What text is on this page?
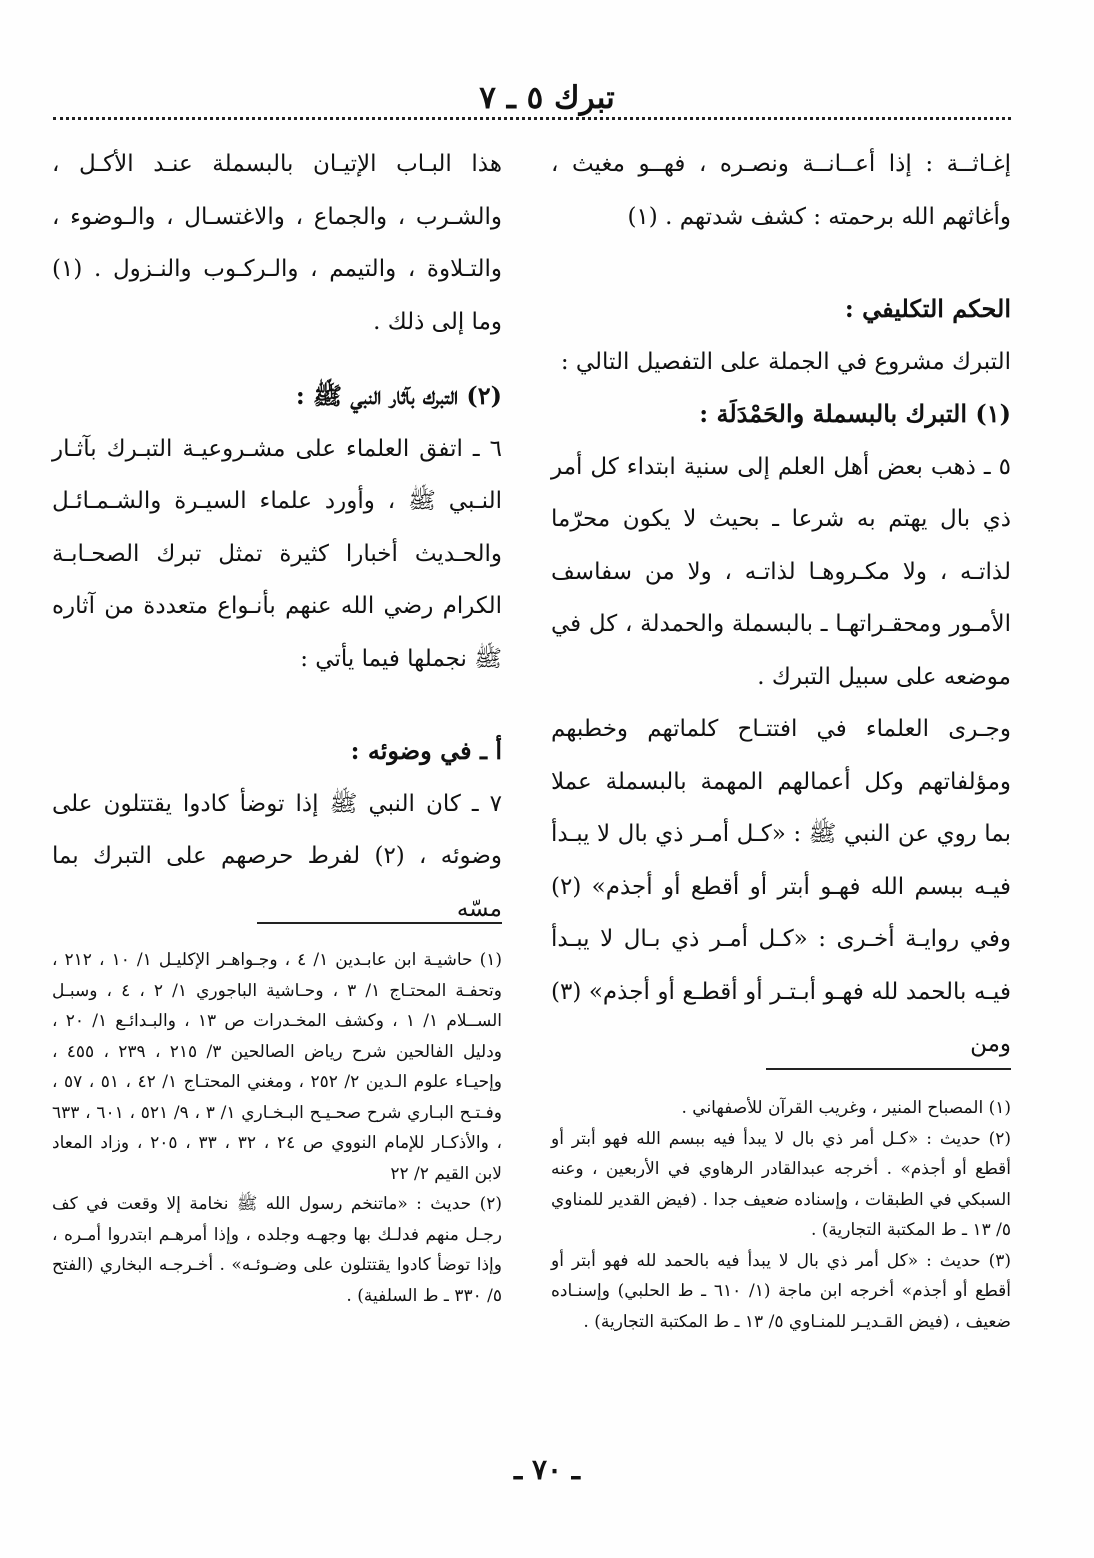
تبرك ٥ ـ ٧

إغـاثــة : إذا أعــانــة ونصـره ، فهــو مغيث ، وأغاثهم الله برحمته : كشف شدتهم . (١)

الحكم التكليفي :

التبرك مشروع في الجملة على التفصيل التالي :

(١) التبرك بالبسملة والحَمْدَلَة :

٥ ـ ذهب بعض أهل العلم إلى سنية ابتداء كل أمر ذي بال يهتم به شرعا ـ بحيث لا يكون محرّما لذاتـه ، ولا مكـروهـا لذاتـه ، ولا من سفاسف الأمـور ومحقـراتهـا ـ بالبسملة والحمدلة ، كل في موضعه على سبيل التبرك .

وجـرى العلماء في افتتـاح كلماتهم وخطبهم ومؤلفاتهم وكل أعمالهم المهمة بالبسملة عملا بما روي عن النبي ﷺ : «كـل أمـر ذي بال لا يبـدأ فيـه ببسم الله فهـو أبتر أو أقطع أو أجذم» (٢) وفي روايـة أخـرى : «كـل أمـر ذي بـال لا يبـدأ فيـه بالحمد لله فهـو أبـتـر أو أقطـع أو أجذم» (٣) ومن

هذا البـاب الإتيـان بالبسملة عنـد الأكـل ، والشـرب ، والجماع ، والاغتسـال ، والـوضوء ، والتـلاوة ، والتيمم ، والـركـوب والنـزول . (١) وما إلى ذلك .

(٢) التبرك بآثار النبي ﷺ :

٦ ـ اتفق العلماء على مشـروعيـة التبـرك بآثـار النـبي ﷺ ، وأورد علماء السيـرة والشـمـائـل والحـديث أخبارا كثيرة تمثل تبرك الصحـابـة الكرام رضي الله عنهم بأنـواع متعددة من آثاره ﷺ نجملها فيما يأتي :

أ ـ في وضوئه :

٧ ـ كان النبي ﷺ إذا توضأ كادوا يقتتلون على وضوئه ، (٢) لفرط حرصهم على التبرك بما مسّه

(١) المصباح المنير ، وغريب القرآن للأصفهاني .

(٢) حديث : «كـل أمر ذي بال لا يبدأ فيه ببسم الله فهو أبتر أو أقطع أو أجذم» . أخرجه عبدالقادر الرهاوي في الأربعين ، وعنه السبكي في الطبقات ، وإسناده ضعيف جدا . (فيض القدير للمناوي ٥/ ١٣ ـ ط المكتبة التجارية) .

(٣) حديث : «كل أمر ذي بال لا يبدأ فيه بالحمد لله فهو أبتر أو أقطع أو أجذم» أخرجه ابن ماجة (١/ ٦١٠ ـ ط الحلبي) وإسنـاده ضعيف ، (فيض القـديـر للمنـاوي ٥/ ١٣ ـ ط المكتبة التجارية) .

(١) حاشيـة ابن عابـدين ١/ ٤ ، وجـواهـر الإكليـل ١/ ١٠ ، ٢١٢ ، وتحفـة المحتـاج ١/ ٣ ، وحـاشية الباجوري ١/ ٢ ، ٤ ، وسبـل الســلام ١/ ١ ، وكشف المخـدرات ص ١٣ ، والبـدائـع ١/ ٢٠ ، ودليل الفالحين شرح رياض الصالحين ٣/ ٢١٥ ، ٢٣٩ ، ٤٥٥ ، وإحيـاء علوم الـدين ٢/ ٢٥٢ ، ومغني المحتـاج ١/ ٤٢ ، ٥١ ، ٥٧ ، وفـتـح البـاري شرح صحـيـح البـخـاري ١/ ٣ ، ٩/ ٥٢١ ، ٦٠١ ، ٦٣٣ ، والأذكـار للإمام النووي ص ٢٤ ، ٣٢ ، ٣٣ ، ٢٠٥ ، وزاد المعاد لابن القيم ٢/ ٢٢

(٢) حديث : «ماتنخم رسول الله ﷺ نخامة إلا وقعت في كف رجـل منهم فدلـك بها وجهـه وجلده ، وإذا أمرهـم ابتدروا أمـره ، وإذا توضأ كادوا يقتتلون على وضـوئـه» . أخـرجـه البخاري (الفتح ٥/ ٣٣٠ ـ ط السلفية) .

ـ ٧٠ ـ
